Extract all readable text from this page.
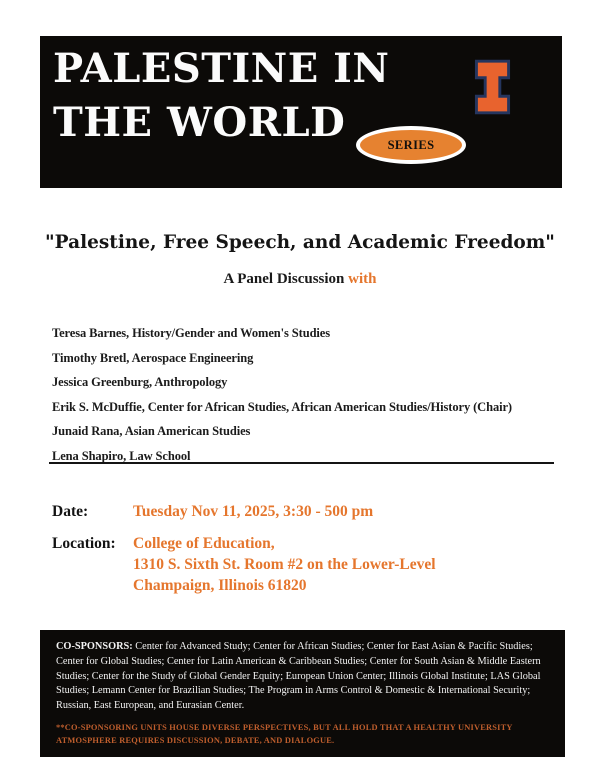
PALESTINE IN
THE WORLD	SERIES
"Palestine, Free Speech, and Academic Freedom"
A Panel Discussion with
Teresa Barnes, History/Gender and Women's Studies
Timothy Bretl, Aerospace Engineering
Jessica Greenburg, Anthropology
Erik S. McDuffie, Center for African Studies, African American Studies/History (Chair)
Junaid Rana, Asian American Studies
Lena Shapiro, Law School
Date:	Tuesday Nov 11, 2025, 3:30 - 500 pm
Location:	College of Education,
1310 S. Sixth St. Room #2 on the Lower-Level
Champaign, Illinois 61820

CO-SPONSORS: Center for Advanced Study; Center for African Studies; Center for East Asian & Pacific Studies; Center for Global Studies; Center for Latin American & Caribbean Studies; Center for South Asian & Middle Eastern Studies; Center for the Study of Global Gender Equity; European Union Center; Illinois Global Institute; LAS Global Studies; Lemann Center for Brazilian Studies; The Program in Arms Control & Domestic & International Security; Russian, East European, and Eurasian Center.

**CO-SPONSORING UNITS HOUSE DIVERSE PERSPECTIVES, BUT ALL HOLD THAT A HEALTHY UNIVERSITY ATMOSPHERE REQUIRES DISCUSSION, DEBATE, AND DIALOGUE.
